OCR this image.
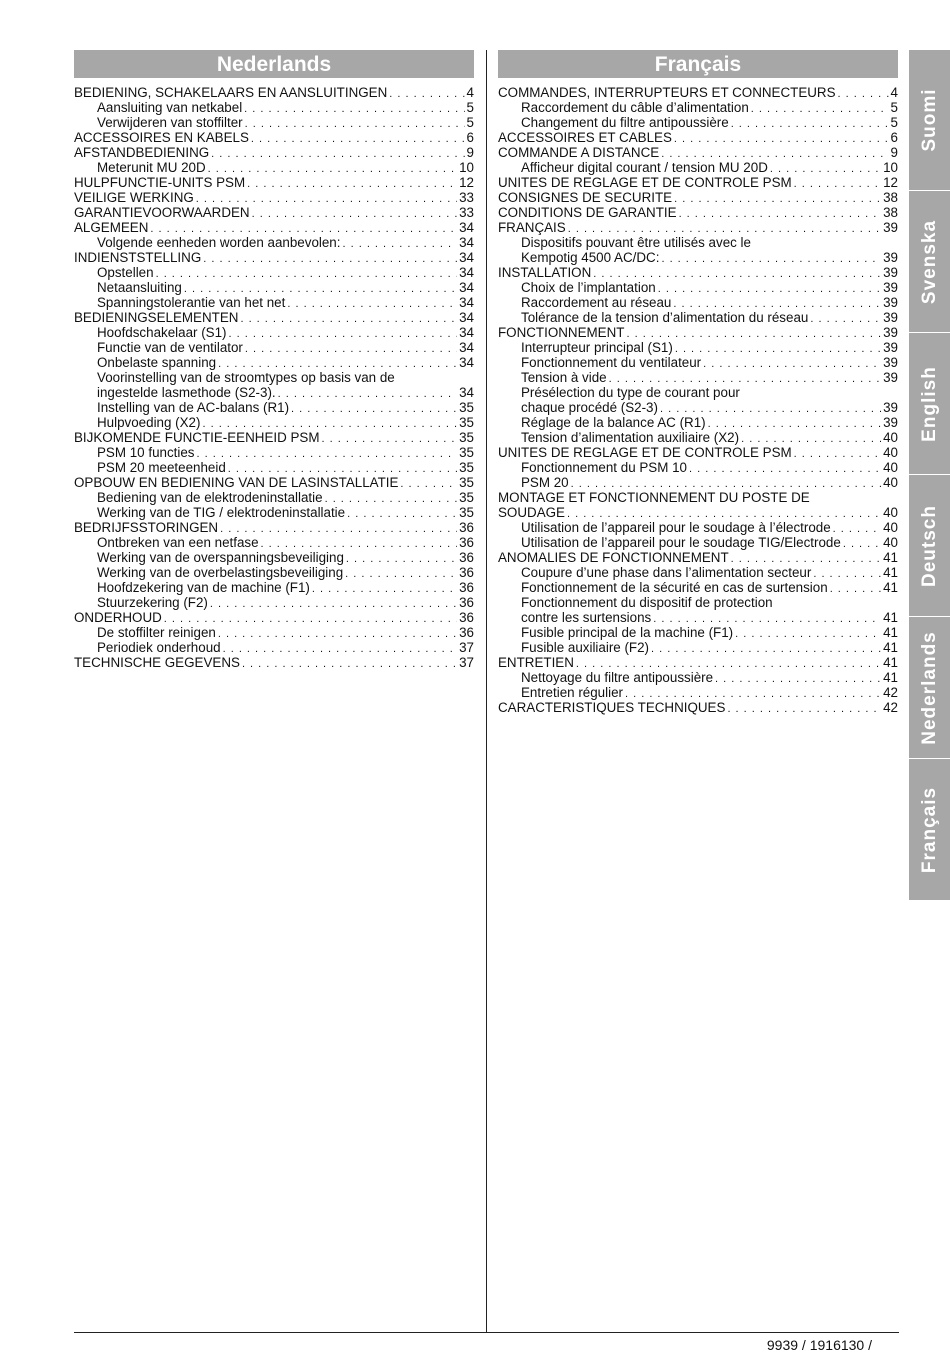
Nederlands
BEDIENING, SCHAKELAARS EN AANSLUITINGEN . . .	4
Aansluiting van netkabel . . .	5
Verwijderen van stoffilter . . .	5
ACCESSOIRES EN KABELS . . .	6
AFSTANDBEDIENING . . .	9
Meterunit MU 20D . . .	10
HULPFUNCTIE-UNITS PSM . . .	12
VEILIGE WERKING . . .	33
GARANTIEVOORWAARDEN . . .	33
ALGEMEEN . . .	34
Volgende eenheden worden aanbevolen: . . .	34
INDIENSTSTELLING . . .	34
Opstellen . . .	34
Netaansluiting . . .	34
Spanningstolerantie van het net . . .	34
BEDIENINGSELEMENTEN . . .	34
Hoofdschakelaar (S1) . . .	34
Functie van de ventilator . . .	34
Onbelaste spanning . . .	34
Voorinstelling van de stroomtypes op basis van de
ingestelde lasmethode (S2-3). . . .	34
Instelling van de AC-balans (R1) . . .	35
Hulpvoeding (X2) . . .	35
BIJKOMENDE FUNCTIE-EENHEID PSM . . .	35
PSM 10 functies . . .	35
PSM 20 meeteenheid . . .	35
OPBOUW EN BEDIENING VAN DE LASINSTALLATIE . . .	35
Bediening van de elektrodeninstallatie . . .	35
Werking van de TIG / elektrodeninstallatie . . .	35
BEDRIJFSSTORINGEN . . .	36
Ontbreken van een netfase . . .	36
Werking van de overspanningsbeveiliging . . .	36
Werking van de overbelastingsbeveiliging . . .	36
Hoofdzekering van de machine (F1) . . .	36
Stuurzekering (F2) . . .	36
ONDERHOUD . . .	36
De stoffilter reinigen . . .	36
Periodiek onderhoud . . .	37
TECHNISCHE GEGEVENS . . .	37
Français
COMMANDES, INTERRUPTEURS ET CONNECTEURS . . .	4
Raccordement du câble d’alimentation . . .	5
Changement du filtre antipoussière . . .	5
ACCESSOIRES ET CABLES . . .	6
COMMANDE A DISTANCE . . .	9
Afficheur digital courant / tension MU 20D . . .	10
UNITES DE REGLAGE ET DE CONTROLE PSM . . .	12
CONSIGNES DE SECURITE . . .	38
CONDITIONS DE GARANTIE . . .	38
FRANÇAIS . . .	39
Dispositifs pouvant être utilisés avec le
Kempotig 4500 AC/DC: . . .	39
INSTALLATION . . .	39
Choix de l’implantation . . .	39
Raccordement au réseau . . .	39
Tolérance de la tension d’alimentation du réseau . . .	39
FONCTIONNEMENT . . .	39
Interrupteur principal (S1) . . .	39
Fonctionnement du ventilateur . . .	39
Tension à vide . . .	39
Présélection du type de courant pour
chaque procédé (S2-3) . . .	39
Réglage de la balance AC (R1) . . .	39
Tension d’alimentation auxiliaire (X2) . . .	40
UNITES DE REGLAGE ET DE CONTROLE PSM . . .	40
Fonctionnement du PSM 10 . . .	40
PSM 20 . . .	40
MONTAGE ET FONCTIONNEMENT DU POSTE DE
SOUDAGE . . .	40
Utilisation de l’appareil pour le soudage à l’électrode . . .	40
Utilisation de l’appareil pour le soudage TIG/Electrode . . .	40
ANOMALIES DE FONCTIONNEMENT . . .	41
Coupure d’une phase dans l’alimentation secteur . . .	41
Fonctionnement de la sécurité en cas de surtension . . .	41
Fonctionnement du dispositif de protection
contre les surtensions . . .	41
Fusible principal de la machine (F1) . . .	41
Fusible auxiliaire (F2) . . .	41
ENTRETIEN . . .	41
Nettoyage du filtre antipoussière . . .	41
Entretien régulier . . .	42
CARACTERISTIQUES TECHNIQUES . . .	42
9939 / 1916130 /
Suomi
Svenska
English
Deutsch
Nederlands
Français
